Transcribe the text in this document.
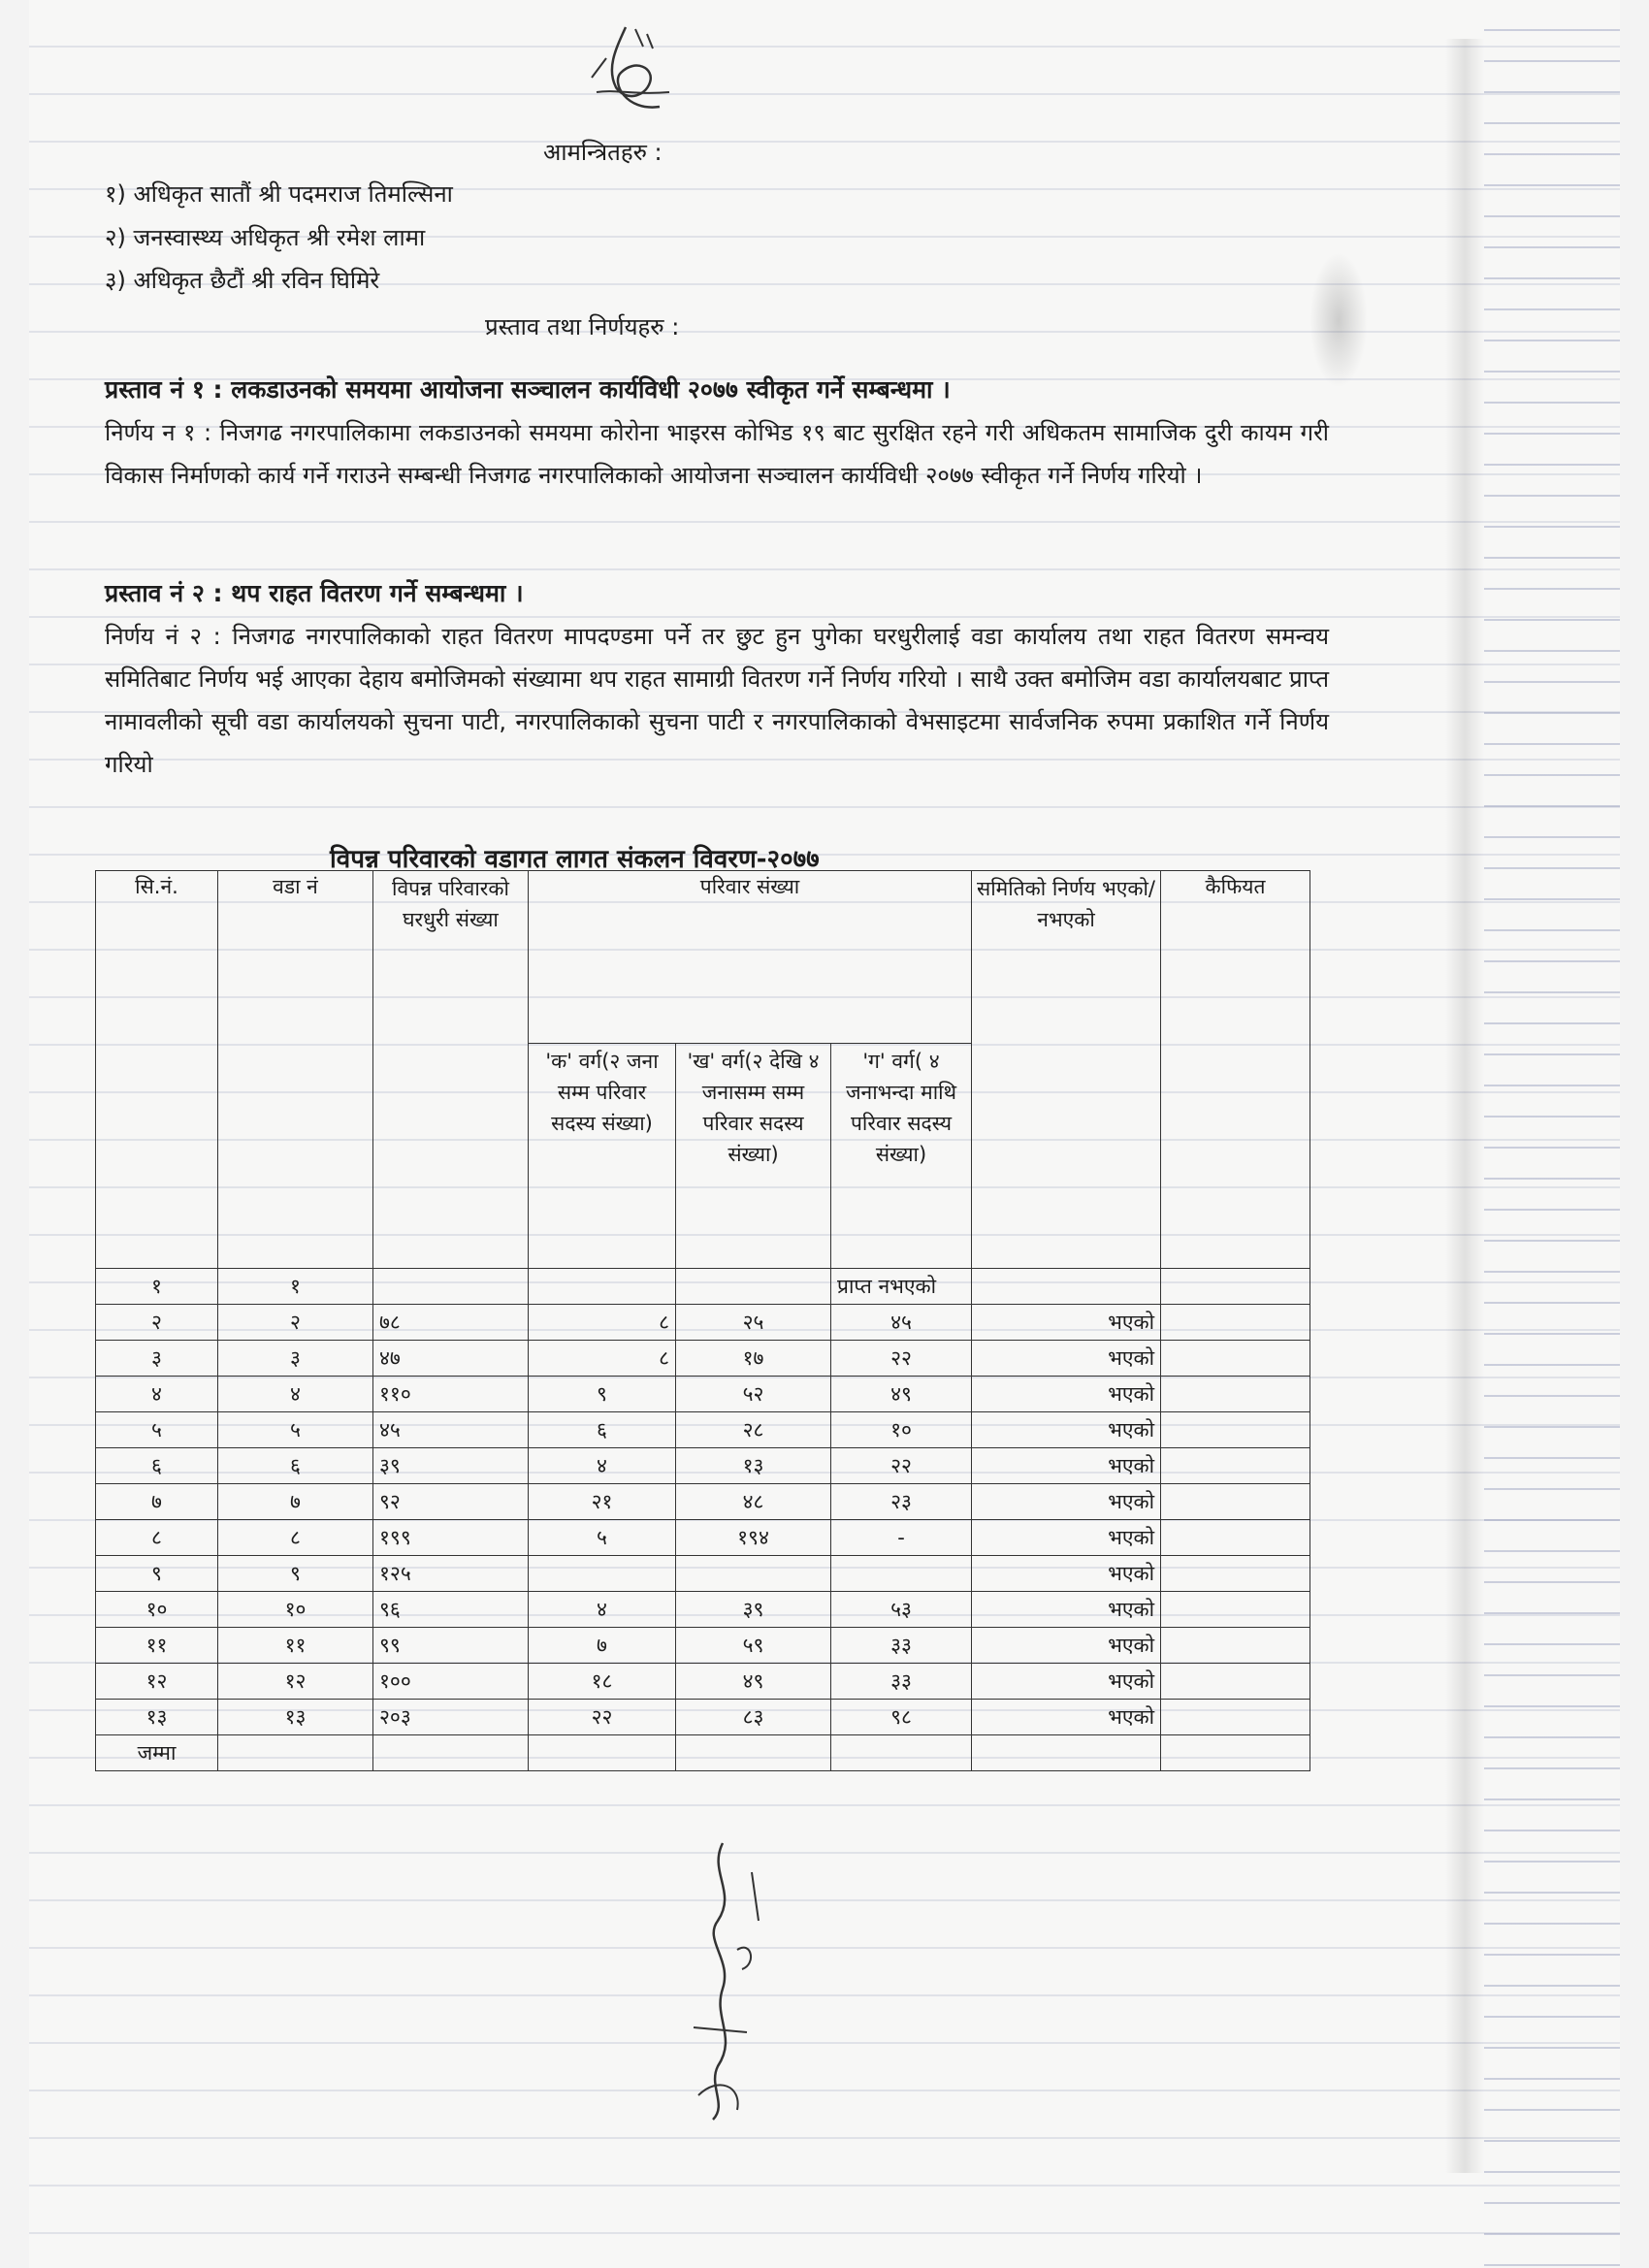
आमन्त्रितहरु :
१) अधिकृत सातौं श्री पदमराज तिमल्सिना
२) जनस्वास्थ्य अधिकृत श्री रमेश लामा
३) अधिकृत छैटौं श्री रविन घिमिरे
प्रस्ताव तथा निर्णयहरु :
प्रस्ताव नं १ : लकडाउनको समयमा आयोजना सञ्चालन कार्यविधी २०७७ स्वीकृत गर्ने सम्बन्धमा ।
निर्णय न १ : निजगढ नगरपालिकामा लकडाउनको समयमा कोरोना भाइरस कोभिड १९ बाट सुरक्षित रहने गरी अधिकतम सामाजिक दुरी कायम गरी विकास निर्माणको कार्य गर्ने गराउने सम्बन्धी निजगढ नगरपालिकाको आयोजना सञ्चालन कार्यविधी २०७७ स्वीकृत गर्ने निर्णय गरियो ।
प्रस्ताव नं २ : थप राहत वितरण गर्ने सम्बन्धमा ।
निर्णय नं २ : निजगढ नगरपालिकाको राहत वितरण मापदण्डमा पर्ने तर छुट हुन पुगेका घरधुरीलाई वडा कार्यालय तथा राहत वितरण समन्वय समितिबाट निर्णय भई आएका देहाय बमोजिमको संख्यामा थप राहत सामाग्री वितरण गर्ने निर्णय गरियो । साथै उक्त बमोजिम वडा कार्यालयबाट प्राप्त नामावलीको सूची वडा कार्यालयको सुचना पाटी, नगरपालिकाको सुचना पाटी र नगरपालिकाको वेभसाइटमा सार्वजनिक रुपमा प्रकाशित गर्ने निर्णय गरियो
विपन्न परिवारको वडागत लागत संकलन विवरण-२०७७
सि.नं.	वडा नं	विपन्न परिवारको घरधुरी संख्या	परिवार संख्या			समितिको निर्णय भएको/नभएको	कैफियत
			'क' वर्ग(२ जना सम्म परिवार सदस्य संख्या)	'ख' वर्ग(२ देखि ४ जनासम्म सम्म परिवार सदस्य संख्या)	'ग' वर्ग( ४ जनाभन्दा माथि परिवार सदस्य संख्या)		
१	१				प्राप्त नभएको		
२	२	७८	८	२५	४५	भएको	
३	३	४७	८	१७	२२	भएको	
४	४	११०	९	५२	४९	भएको	
५	५	४५	६	२८	१०	भएको	
६	६	३९	४	१३	२२	भएको	
७	७	९२	२१	४८	२३	भएको	
८	८	१९९	५	१९४	-	भएको	
९	९	१२५				भएको	
१०	१०	९६	४	३९	५३	भएको	
११	११	९९	७	५९	३३	भएको	
१२	१२	१००	१८	४९	३३	भएको	
१३	१३	२०३	२२	८३	९८	भएको	
जम्मा							
